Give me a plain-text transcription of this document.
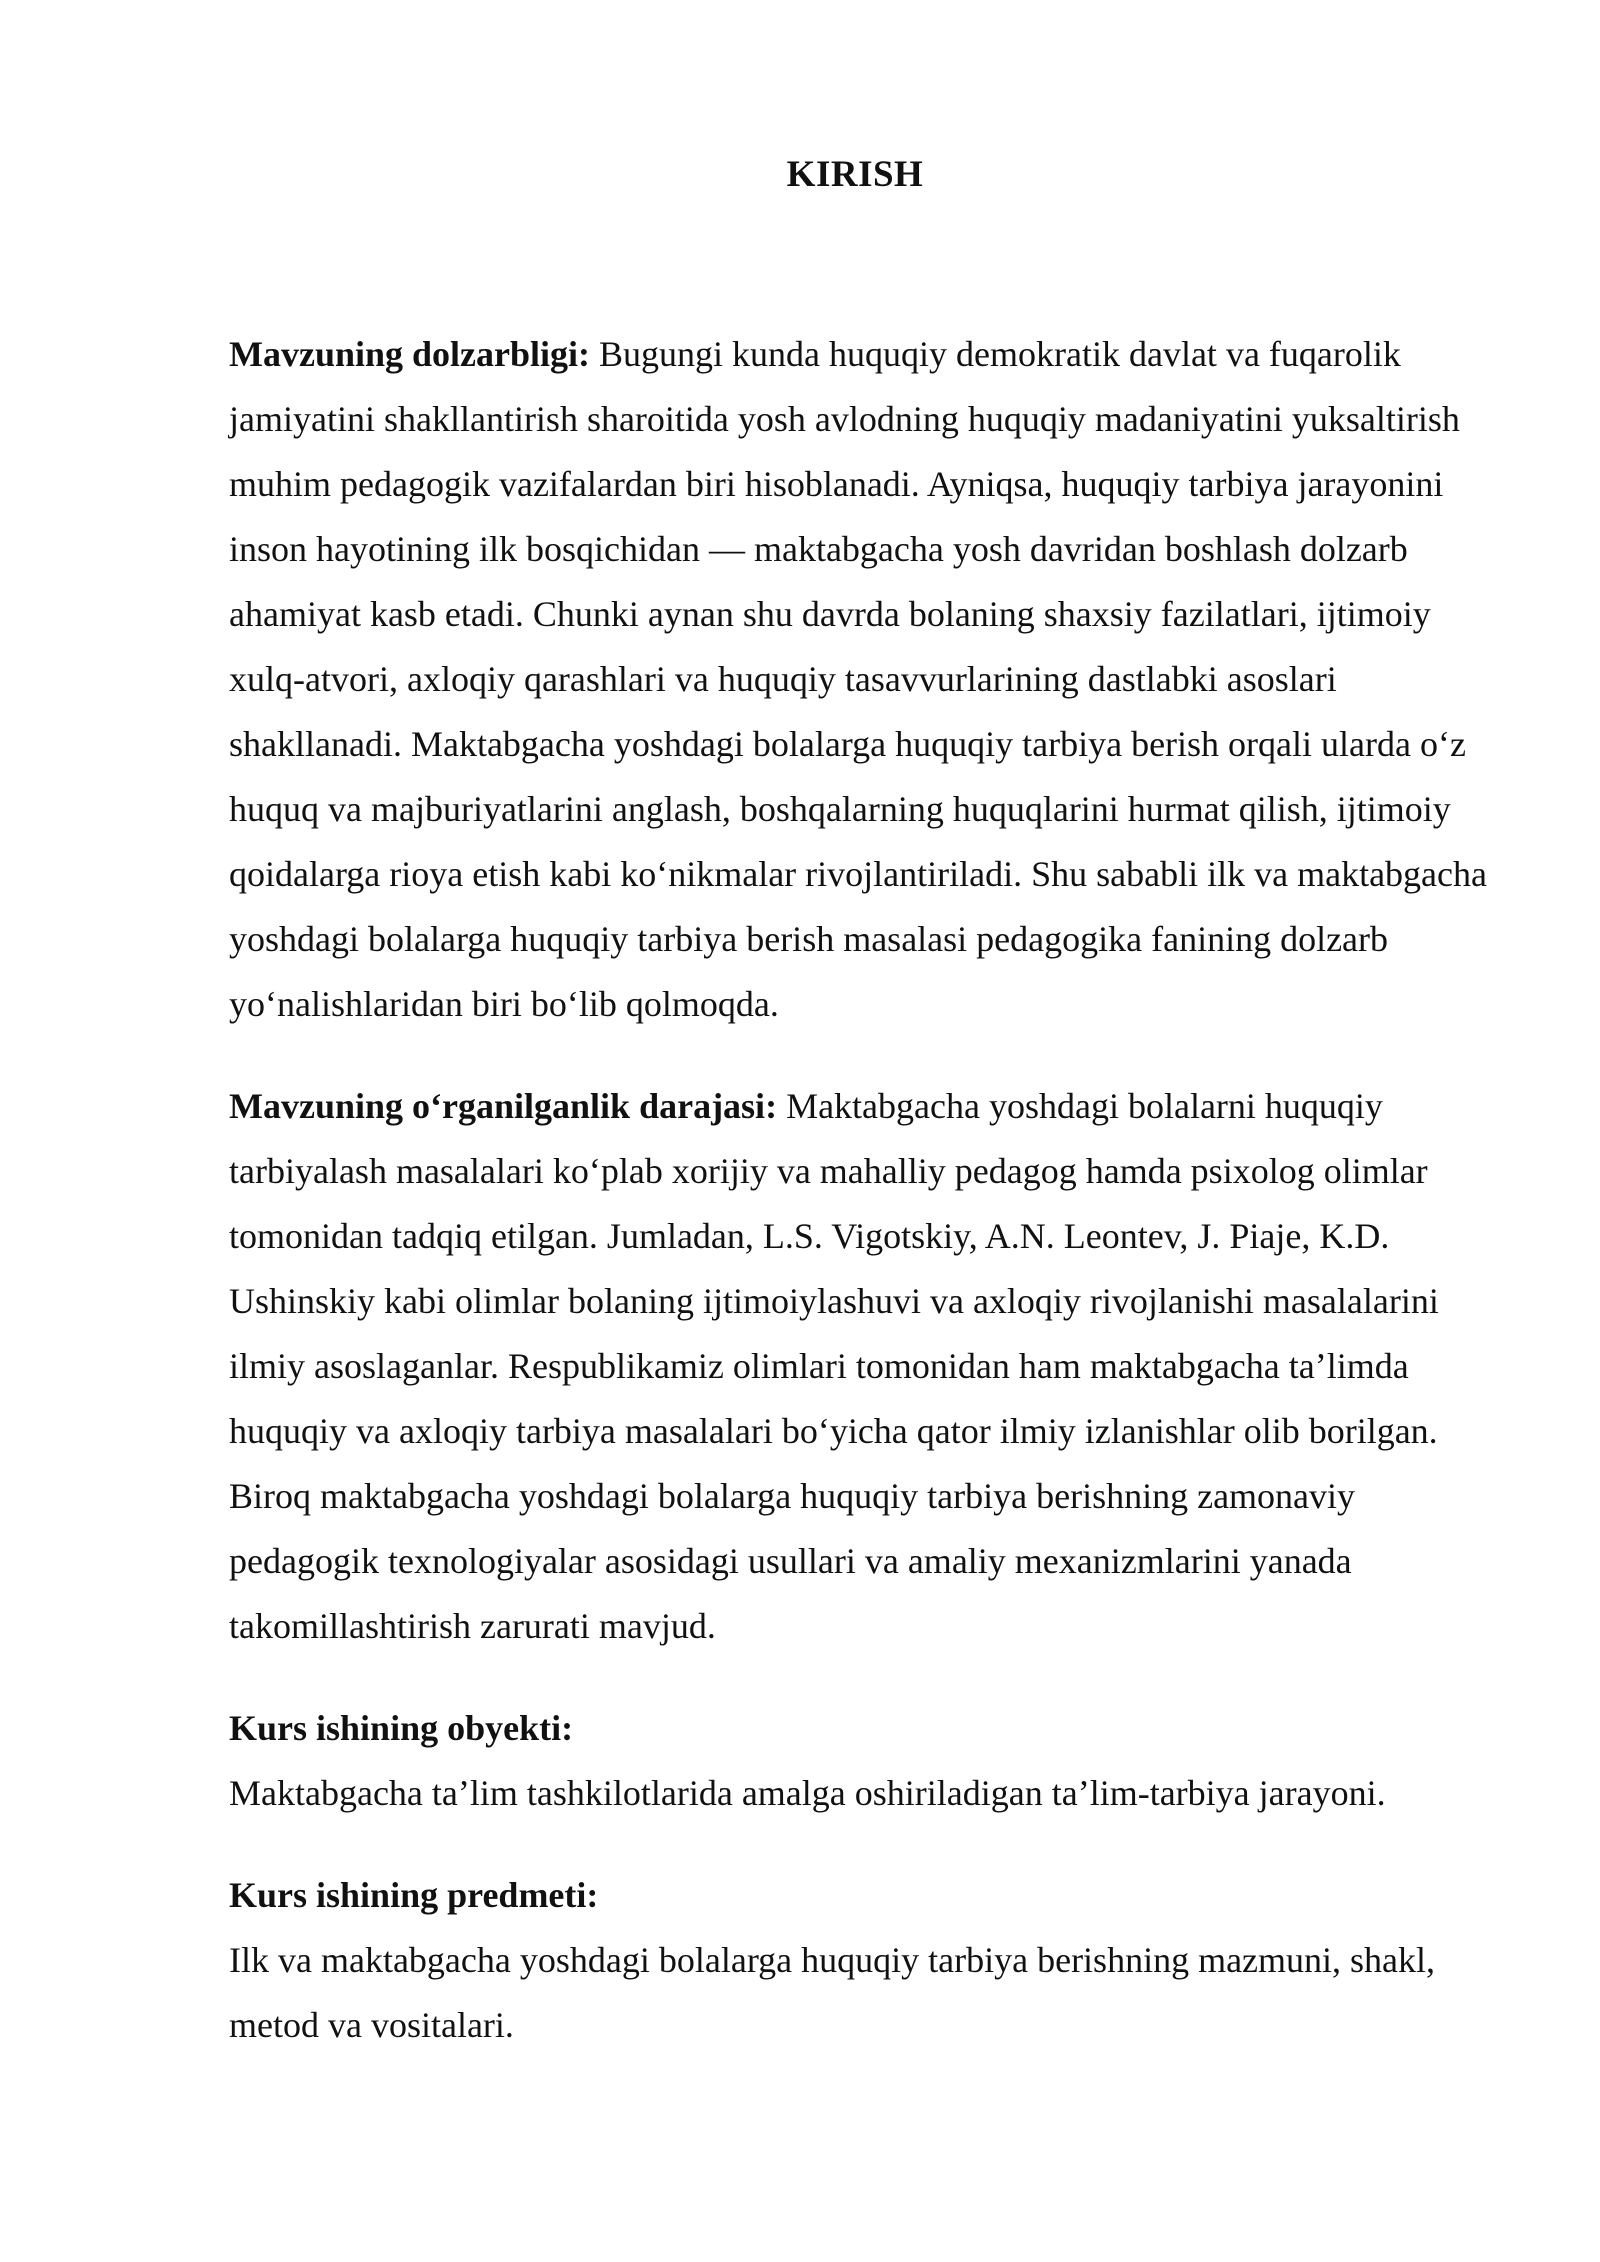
KIRISH

Mavzuning dolzarbligi: Bugungi kunda huquqiy demokratik davlat va fuqarolik jamiyatini shakllantirish sharoitida yosh avlodning huquqiy madaniyatini yuksaltirish muhim pedagogik vazifalardan biri hisoblanadi. Ayniqsa, huquqiy tarbiya jarayonini inson hayotining ilk bosqichidan — maktabgacha yosh davridan boshlash dolzarb ahamiyat kasb etadi. Chunki aynan shu davrda bolaning shaxsiy fazilatlari, ijtimoiy xulq-atvori, axloqiy qarashlari va huquqiy tasavvurlarining dastlabki asoslari shakllanadi. Maktabgacha yoshdagi bolalarga huquqiy tarbiya berish orqali ularda oʻz huquq va majburiyatlarini anglash, boshqalarning huquqlarini hurmat qilish, ijtimoiy qoidalarga rioya etish kabi koʻnikmalar rivojlantiriladi. Shu sababli ilk va maktabgacha yoshdagi bolalarga huquqiy tarbiya berish masalasi pedagogika fanining dolzarb yoʻnalishlaridan biri boʻlib qolmoqda.

Mavzuning oʻrganilganlik darajasi: Maktabgacha yoshdagi bolalarni huquqiy tarbiyalash masalalari koʻplab xorijiy va mahalliy pedagog hamda psixolog olimlar tomonidan tadqiq etilgan. Jumladan, L.S. Vigotskiy, A.N. Leontev, J. Piaje, K.D. Ushinskiy kabi olimlar bolaning ijtimoiylashuvi va axloqiy rivojlanishi masalalarini ilmiy asoslaganlar. Respublikamiz olimlari tomonidan ham maktabgacha taʼlimda huquqiy va axloqiy tarbiya masalalari boʻyicha qator ilmiy izlanishlar olib borilgan. Biroq maktabgacha yoshdagi bolalarga huquqiy tarbiya berishning zamonaviy pedagogik texnologiyalar asosidagi usullari va amaliy mexanizmlarini yanada takomillashtirish zarurati mavjud.

Kurs ishining obyekti:

Maktabgacha taʼlim tashkilotlarida amalga oshiriladigan taʼlim-tarbiya jarayoni.

Kurs ishining predmeti:

Ilk va maktabgacha yoshdagi bolalarga huquqiy tarbiya berishning mazmuni, shakl, metod va vositalari.
